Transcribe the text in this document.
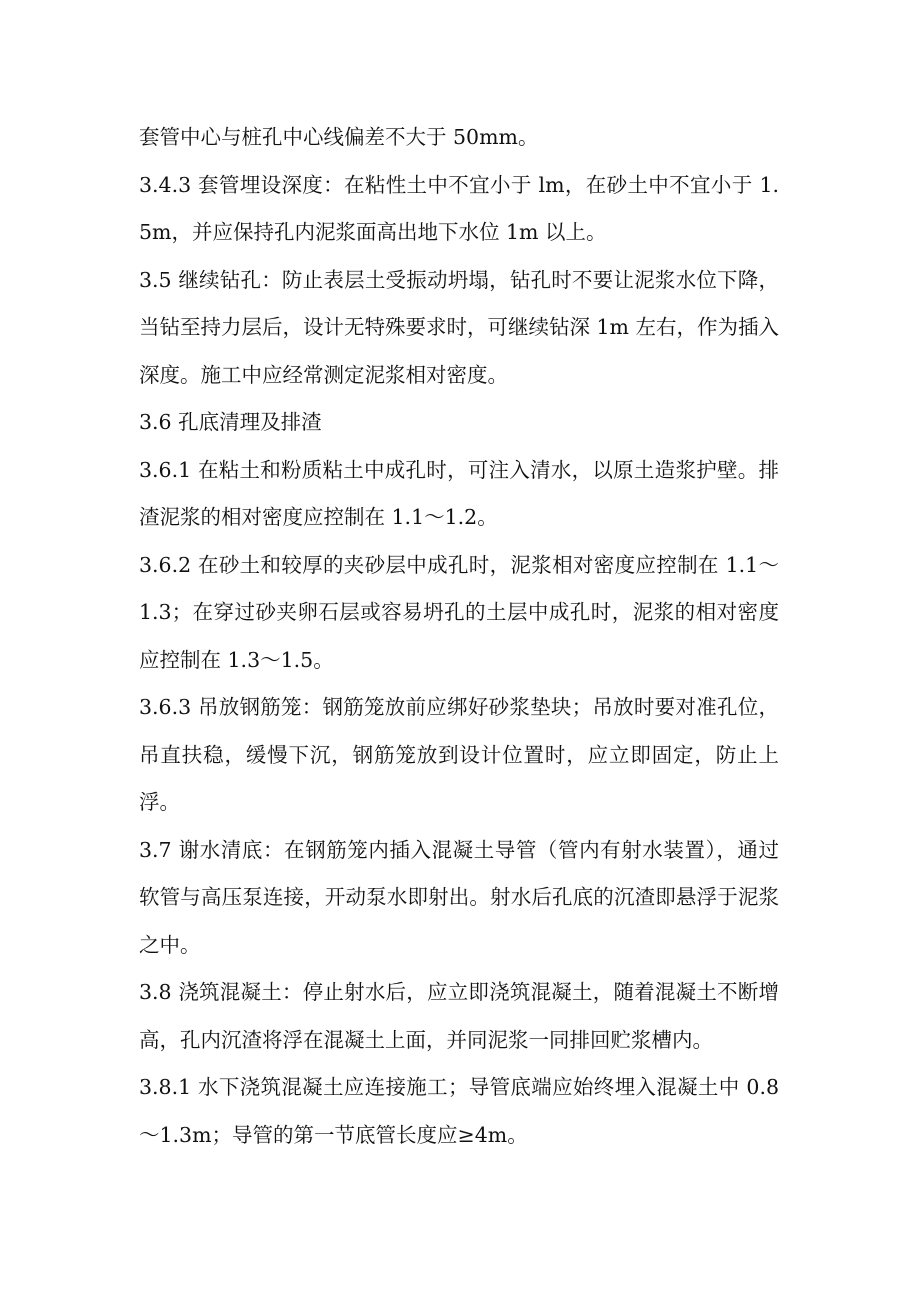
套管中心与桩孔中心线偏差不大于 50mm。

3.4.3 套管埋设深度：在粘性土中不宜小于 lm，在砂土中不宜小于 1.5m，并应保持孔内泥浆面高出地下水位 1m 以上。

3.5 继续钻孔：防止表层土受振动坍塌，钻孔时不要让泥浆水位下降，当钻至持力层后，设计无特殊要求时，可继续钻深 1m 左右，作为插入深度。施工中应经常测定泥浆相对密度。

3.6 孔底清理及排渣

3.6.1 在粘土和粉质粘土中成孔时，可注入清水，以原土造浆护壁。排渣泥浆的相对密度应控制在 1.1～1.2。

3.6.2 在砂土和较厚的夹砂层中成孔时，泥浆相对密度应控制在 1.1～1.3；在穿过砂夹卵石层或容易坍孔的土层中成孔时，泥浆的相对密度应控制在 1.3～1.5。

3.6.3 吊放钢筋笼：钢筋笼放前应绑好砂浆垫块；吊放时要对准孔位，吊直扶稳，缓慢下沉，钢筋笼放到设计位置时，应立即固定，防止上浮。

3.7 谢水清底：在钢筋笼内插入混凝土导管（管内有射水装置），通过软管与高压泵连接，开动泵水即射出。射水后孔底的沉渣即悬浮于泥浆之中。

3.8 浇筑混凝土：停止射水后，应立即浇筑混凝土，随着混凝土不断增高，孔内沉渣将浮在混凝土上面，并同泥浆一同排回贮浆槽内。

3.8.1 水下浇筑混凝土应连接施工；导管底端应始终埋入混凝土中 0.8～1.3m；导管的第一节底管长度应≥4m。
